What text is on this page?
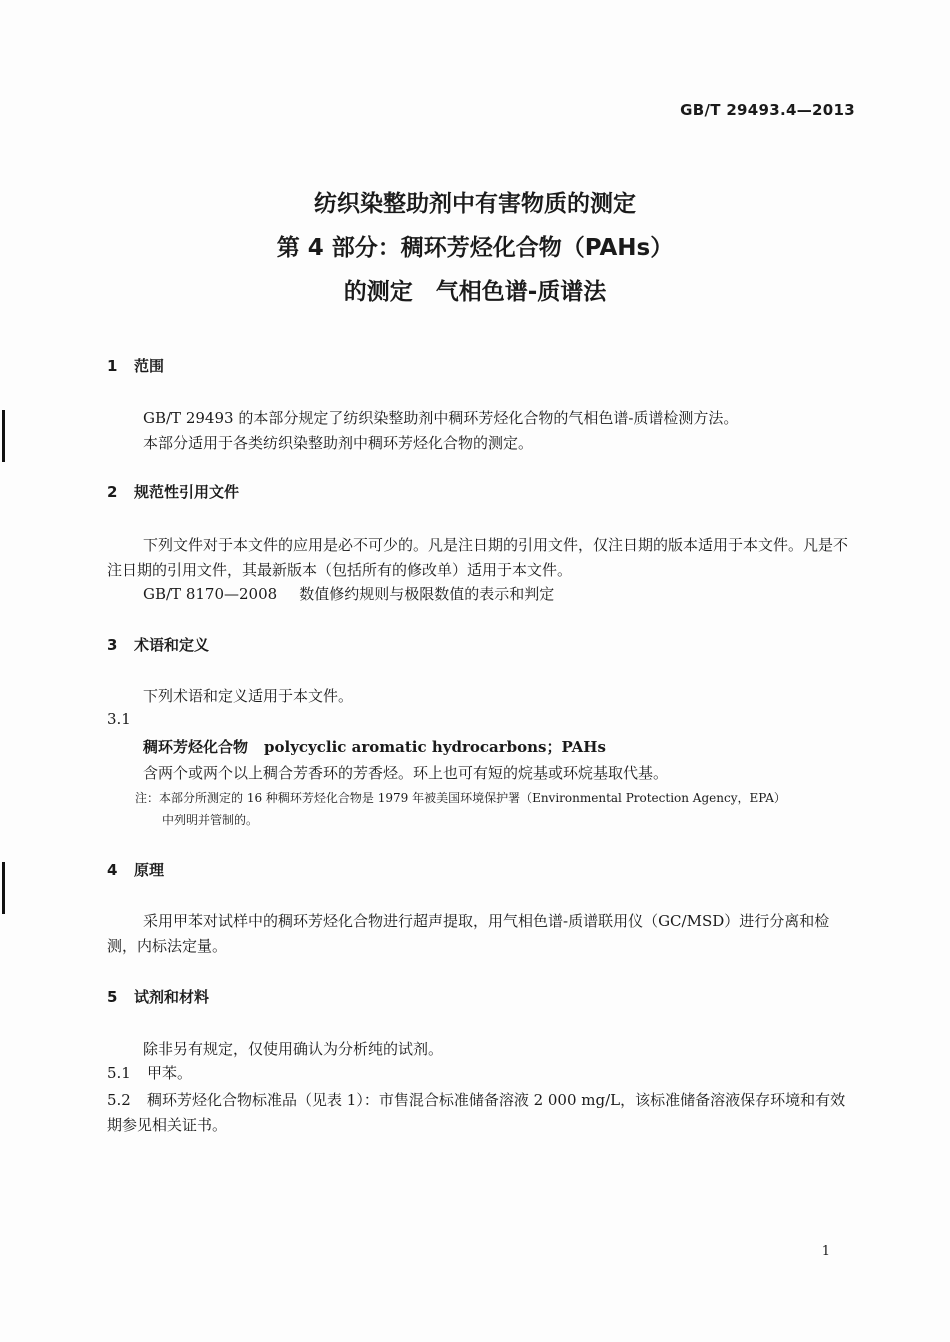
GB/T 29493.4—2013
纺织染整助剂中有害物质的测定
第 4 部分：稠环芳烃化合物（PAHs）
的测定　气相色谱-质谱法
1 范围
GB/T 29493 的本部分规定了纺织染整助剂中稠环芳烃化合物的气相色谱-质谱检测方法。
本部分适用于各类纺织染整助剂中稠环芳烃化合物的测定。
2 规范性引用文件
下列文件对于本文件的应用是必不可少的。凡是注日期的引用文件，仅注日期的版本适用于本文件。凡是不注日期的引用文件，其最新版本（包括所有的修改单）适用于本文件。
GB/T 8170—2008 数值修约规则与极限数值的表示和判定
3 术语和定义
下列术语和定义适用于本文件。
3.1
稠环芳烃化合物 polycyclic aromatic hydrocarbons；PAHs
含两个或两个以上稠合芳香环的芳香烃。环上也可有短的烷基或环烷基取代基。
注：本部分所测定的 16 种稠环芳烃化合物是 1979 年被美国环境保护署（Environmental Protection Agency，EPA）
中列明并管制的。
4 原理
采用甲苯对试样中的稠环芳烃化合物进行超声提取，用气相色谱-质谱联用仪（GC/MSD）进行分离和检测，内标法定量。
5 试剂和材料
除非另有规定，仅使用确认为分析纯的试剂。
5.1 甲苯。
5.2 稠环芳烃化合物标准品（见表 1）：市售混合标准储备溶液 2 000 mg/L，该标准储备溶液保存环境和有效期参见相关证书。
1
